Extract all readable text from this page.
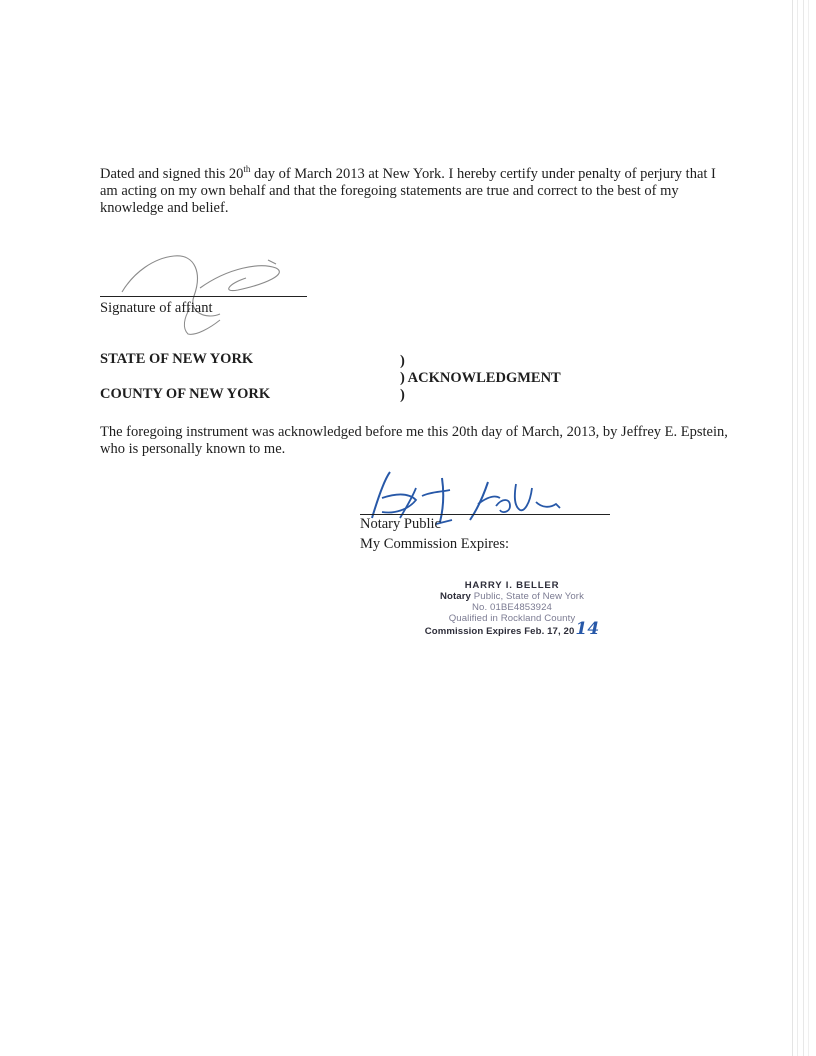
Dated and signed this 20th day of March 2013 at New York. I hereby certify under penalty of perjury that I am acting on my own behalf and that the foregoing statements are true and correct to the best of my knowledge and belief.

Signature of affiant
STATE OF NEW YORK
COUNTY OF NEW YORK
)
) ACKNOWLEDGMENT
)

The foregoing instrument was acknowledged before me this 20th day of March, 2013, by Jeffrey E. Epstein, who is personally known to me.

Notary Public
My Commission Expires:
HARRY I. BELLER
Notary Public, State of New York
No. 01BE4853924
Qualified in Rockland County
Commission Expires Feb. 17, 2014
